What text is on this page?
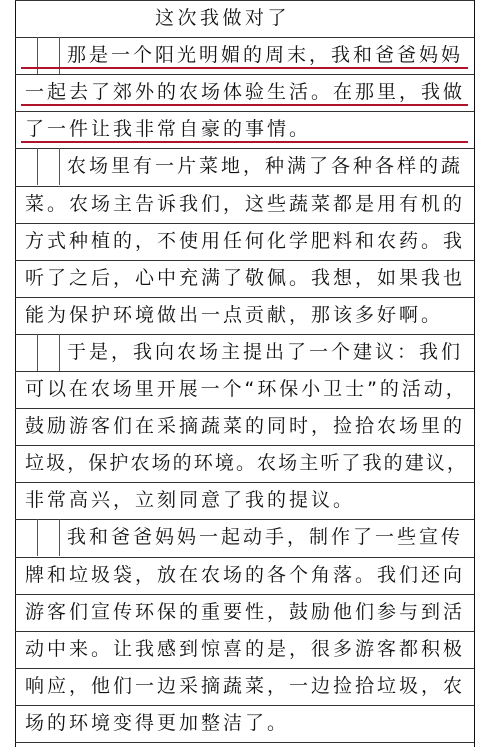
这次我做对了
那是一个阳光明媚的周末，我和爸爸妈妈
一起去了郊外的农场体验生活。在那里，我做
了一件让我非常自豪的事情。
农场里有一片菜地，种满了各种各样的蔬
菜。农场主告诉我们，这些蔬菜都是用有机的
方式种植的，不使用任何化学肥料和农药。我
听了之后，心中充满了敬佩。我想，如果我也
能为保护环境做出一点贡献，那该多好啊。
于是，我向农场主提出了一个建议：我们
可以在农场里开展一个“环保小卫士”的活动，
鼓励游客们在采摘蔬菜的同时，捡拾农场里的
垃圾，保护农场的环境。农场主听了我的建议，
非常高兴，立刻同意了我的提议。
我和爸爸妈妈一起动手，制作了一些宣传
牌和垃圾袋，放在农场的各个角落。我们还向
游客们宣传环保的重要性，鼓励他们参与到活
动中来。让我感到惊喜的是，很多游客都积极
响应，他们一边采摘蔬菜，一边捡拾垃圾，农
场的环境变得更加整洁了。
